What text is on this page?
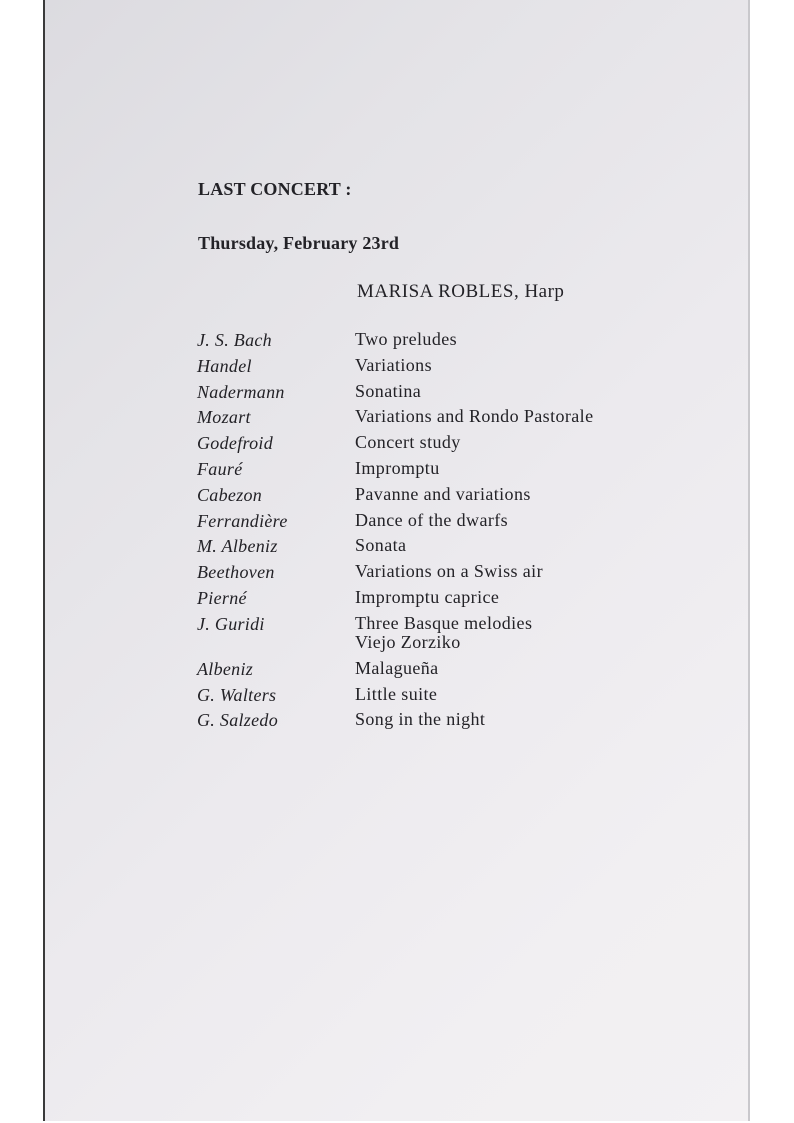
LAST CONCERT :
Thursday, February 23rd
MARISA ROBLES, Harp
J. S. Bach	Two preludes
Handel	Variations
Nadermann	Sonatina
Mozart	Variations and Rondo Pastorale
Godefroid	Concert study
Fauré	Impromptu
Cabezon	Pavanne and variations
Ferrandière	Dance of the dwarfs
M. Albeniz	Sonata
Beethoven	Variations on a Swiss air
Pierné	Impromptu caprice
J. Guridi	Three Basque melodies
Viejo Zorziko
Albeniz	Malagueña
G. Walters	Little suite
G. Salzedo	Song in the night
